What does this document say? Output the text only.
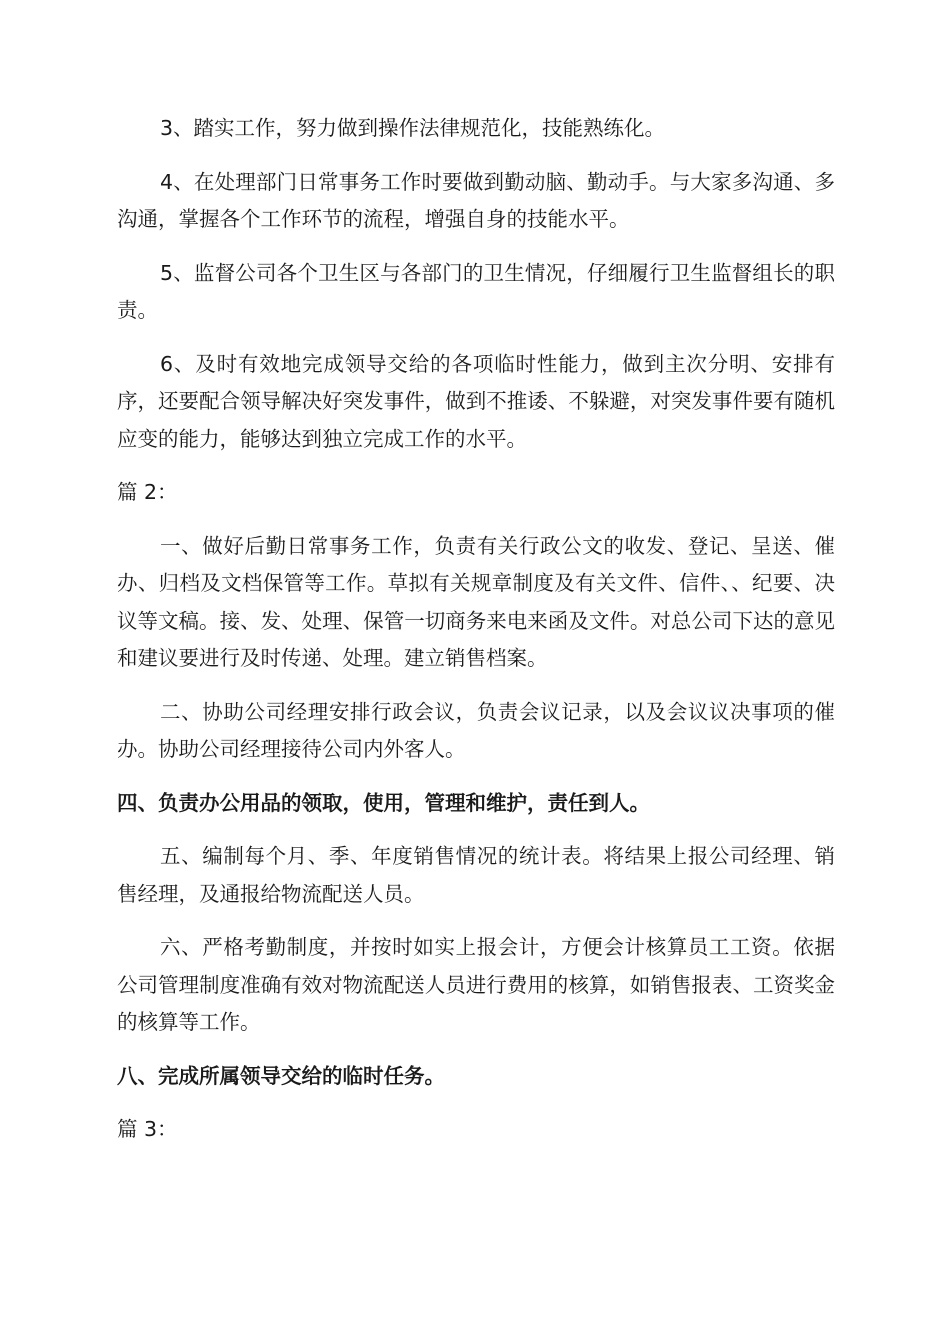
3、踏实工作，努力做到操作法律规范化，技能熟练化。

4、在处理部门日常事务工作时要做到勤动脑、勤动手。与大家多沟通、多沟通，掌握各个工作环节的流程，增强自身的技能水平。

5、监督公司各个卫生区与各部门的卫生情况，仔细履行卫生监督组长的职责。

6、及时有效地完成领导交给的各项临时性能力，做到主次分明、安排有序，还要配合领导解决好突发事件，做到不推诿、不躲避，对突发事件要有随机应变的能力，能够达到独立完成工作的水平。

篇 2：

一、做好后勤日常事务工作，负责有关行政公文的收发、登记、呈送、催办、归档及文档保管等工作。草拟有关规章制度及有关文件、信件、、纪要、决议等文稿。接、发、处理、保管一切商务来电来函及文件。对总公司下达的意见和建议要进行及时传递、处理。建立销售档案。

二、协助公司经理安排行政会议，负责会议记录，以及会议议决事项的催办。协助公司经理接待公司内外客人。

四、负责办公用品的领取，使用，管理和维护，责任到人。

五、编制每个月、季、年度销售情况的统计表。将结果上报公司经理、销售经理，及通报给物流配送人员。

六、严格考勤制度，并按时如实上报会计，方便会计核算员工工资。依据公司管理制度准确有效对物流配送人员进行费用的核算，如销售报表、工资奖金的核算等工作。

八、完成所属领导交给的临时任务。

篇 3：
